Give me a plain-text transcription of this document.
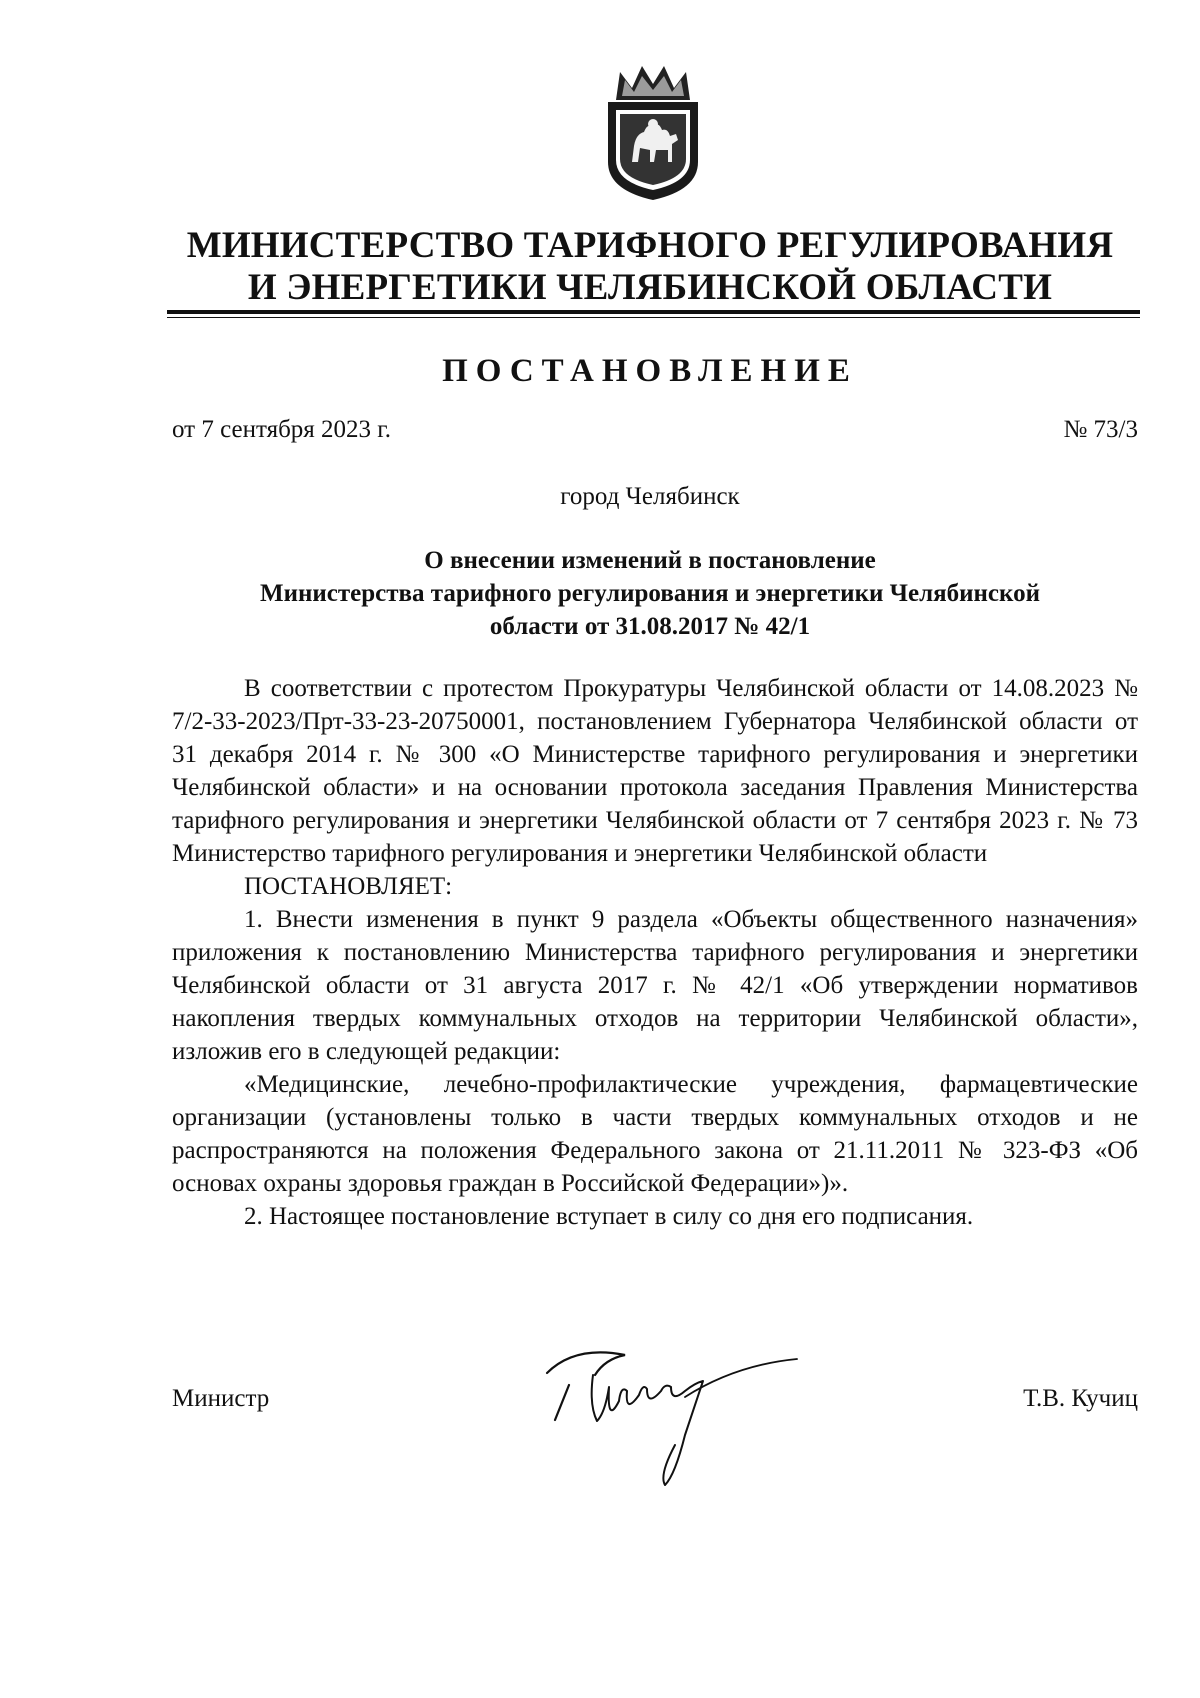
МИНИСТЕРСТВО ТАРИФНОГО РЕГУЛИРОВАНИЯ
И ЭНЕРГЕТИКИ ЧЕЛЯБИНСКОЙ ОБЛАСТИ
ПОСТАНОВЛЕНИЕ
от 7 сентября 2023 г.	№ 73/3
город Челябинск
О внесении изменений в постановление
Министерства тарифного регулирования и энергетики Челябинской
области от 31.08.2017 № 42/1

В соответствии с протестом Прокуратуры Челябинской области от 14.08.2023 № 7/2-33-2023/Прт-33-23-20750001, постановлением Губернатора Челябинской области от 31 декабря 2014 г. № 300 «О Министерстве тарифного регулирования и энергетики Челябинской области» и на основании протокола заседания Правления Министерства тарифного регулирования и энергетики Челябинской области от 7 сентября 2023 г. № 73 Министерство тарифного регулирования и энергетики Челябинской области

ПОСТАНОВЛЯЕТ:

1. Внести изменения в пункт 9 раздела «Объекты общественного назначения» приложения к постановлению Министерства тарифного регулирования и энергетики Челябинской области от 31 августа 2017 г. № 42/1 «Об утверждении нормативов накопления твердых коммунальных отходов на территории Челябинской области», изложив его в следующей редакции:

«Медицинские, лечебно-профилактические учреждения, фармацевтические организации (установлены только в части твердых коммунальных отходов и не распространяются на положения Федерального закона от 21.11.2011 № 323-ФЗ «Об основах охраны здоровья граждан в Российской Федерации»)».

2. Настоящее постановление вступает в силу со дня его подписания.

Министр	Т.В. Кучиц
